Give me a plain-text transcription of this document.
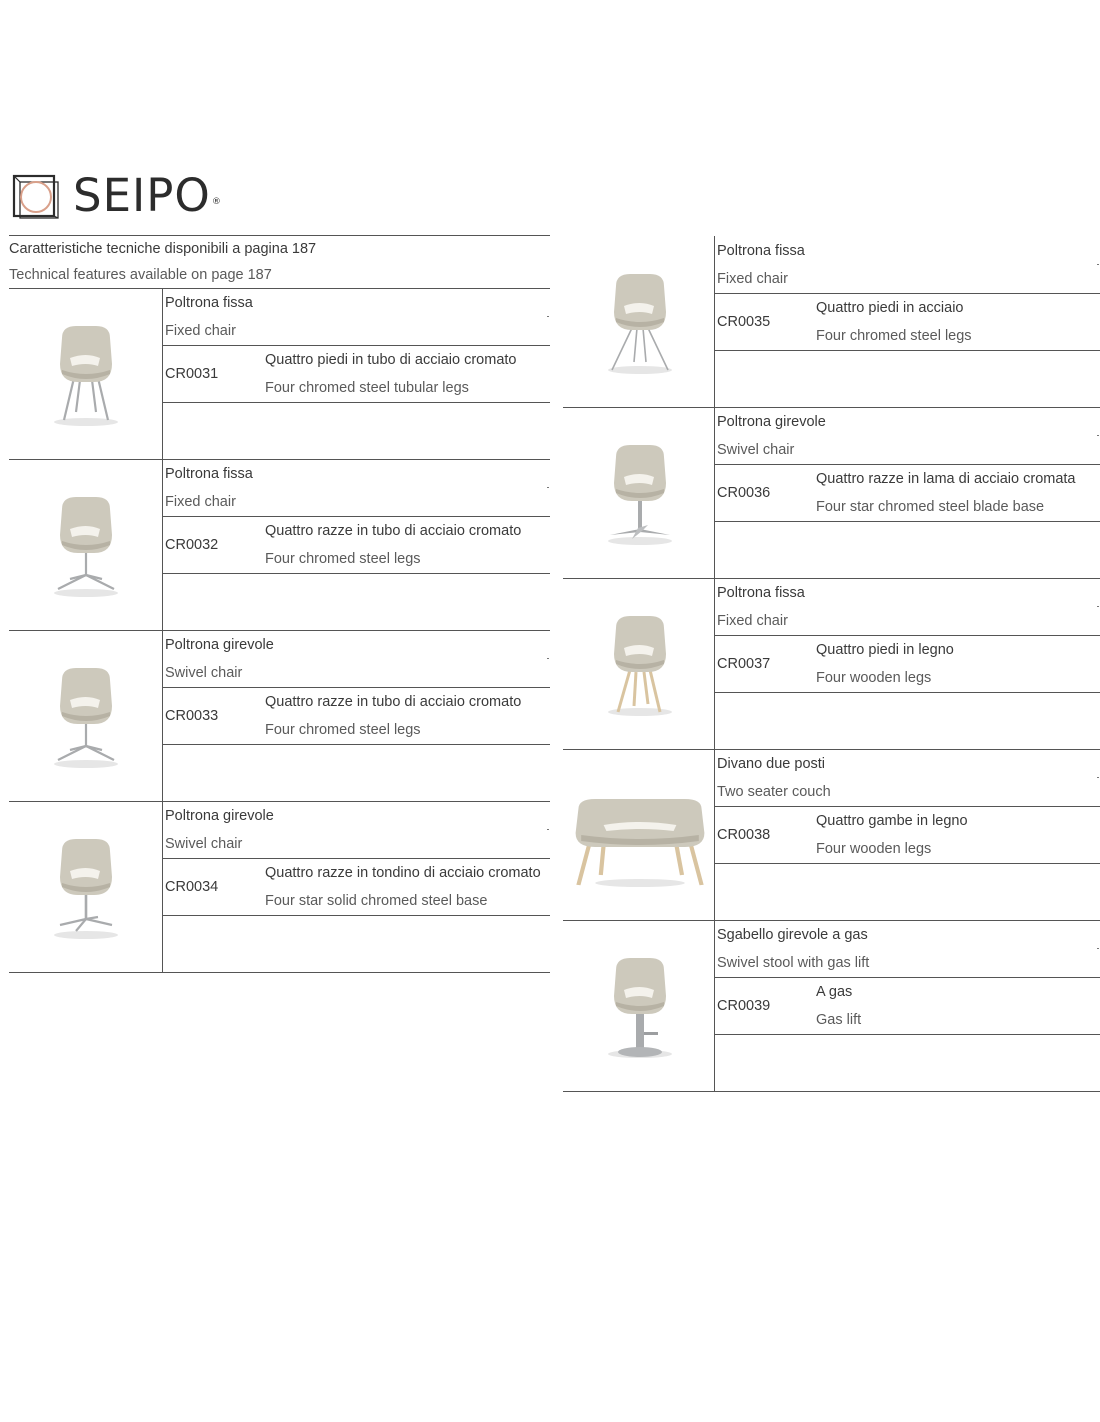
SEIPO®
Caratteristiche tecniche disponibili a pagina 187
Technical features available on page 187
Poltrona fissa
Fixed chair
CR0031
Quattro piedi in tubo di acciaio cromato
Four chromed steel tubular legs
Poltrona fissa
Fixed chair
CR0032
Quattro razze in tubo di acciaio cromato
Four chromed steel legs
Poltrona girevole
Swivel chair
CR0033
Quattro razze in tubo di acciaio cromato
Four chromed steel legs
Poltrona girevole
Swivel chair
CR0034
Quattro razze in tondino di acciaio cromato
Four star solid chromed steel base
Poltrona fissa
Fixed chair
CR0035
Quattro piedi in acciaio
Four chromed steel legs
Poltrona girevole
Swivel chair
CR0036
Quattro razze in lama di acciaio cromata
Four star chromed steel blade base
Poltrona fissa
Fixed chair
CR0037
Quattro piedi in legno
Four wooden legs
Divano due posti
Two seater couch
CR0038
Quattro gambe in legno
Four wooden legs
Sgabello girevole a gas
Swivel stool with gas lift
CR0039
A gas
Gas lift
